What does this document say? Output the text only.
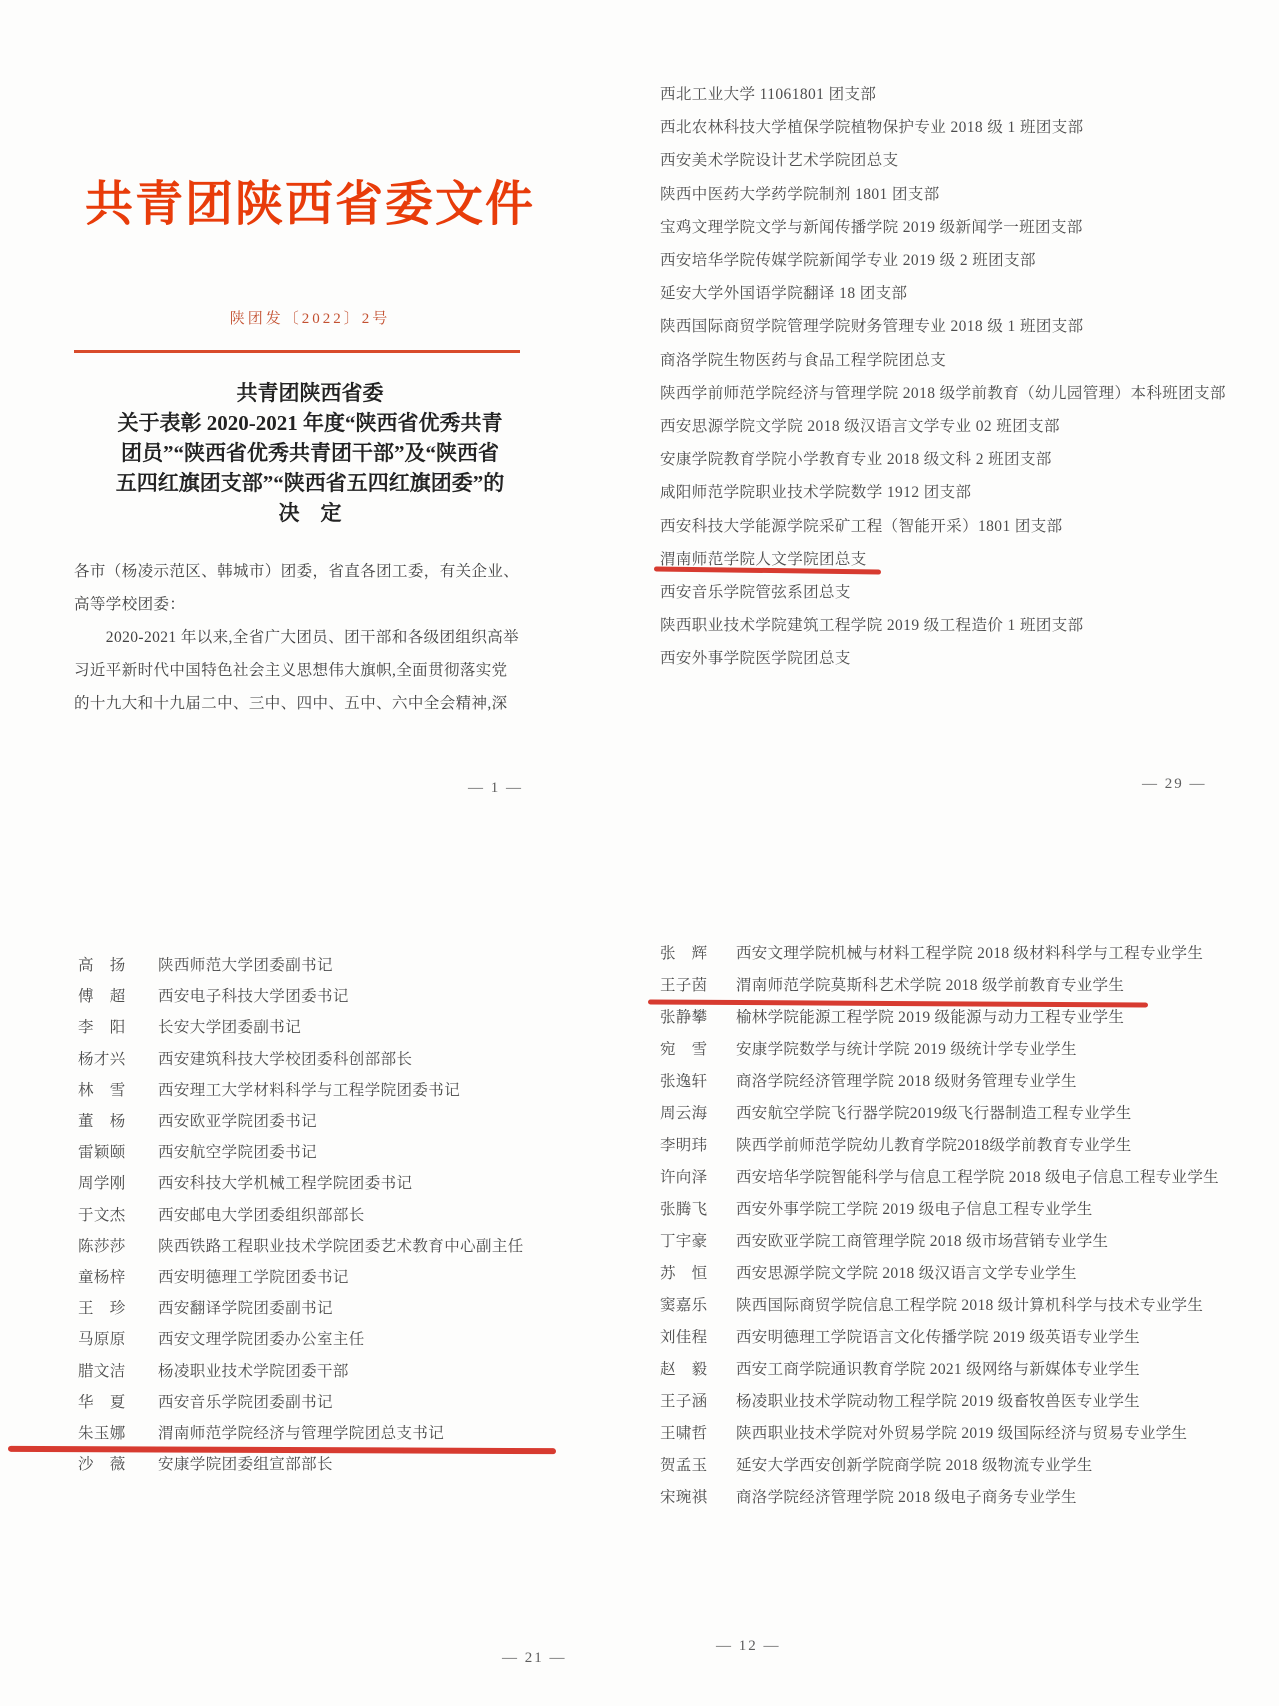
共青团陕西省委文件
陕团发〔2022〕2号
共青团陕西省委
关于表彰 2020-2021 年度“陕西省优秀共青
团员”“陕西省优秀共青团干部”及“陕西省
五四红旗团支部”“陕西省五四红旗团委”的
决　定
各市（杨凌示范区、韩城市）团委，省直各团工委，有关企业、
高等学校团委：
　　2020-2021 年以来,全省广大团员、团干部和各级团组织高举
习近平新时代中国特色社会主义思想伟大旗帜,全面贯彻落实党
的十九大和十九届二中、三中、四中、五中、六中全会精神,深
西北工业大学 11061801 团支部
西北农林科技大学植保学院植物保护专业 2018 级 1 班团支部
西安美术学院设计艺术学院团总支
陕西中医药大学药学院制剂 1801 团支部
宝鸡文理学院文学与新闻传播学院 2019 级新闻学一班团支部
西安培华学院传媒学院新闻学专业 2019 级 2 班团支部
延安大学外国语学院翻译 18 团支部
陕西国际商贸学院管理学院财务管理专业 2018 级 1 班团支部
商洛学院生物医药与食品工程学院团总支
陕西学前师范学院经济与管理学院 2018 级学前教育（幼儿园管理）本科班团支部
西安思源学院文学院 2018 级汉语言文学专业 02 班团支部
安康学院教育学院小学教育专业 2018 级文科 2 班团支部
咸阳师范学院职业技术学院数学 1912 团支部
西安科技大学能源学院采矿工程（智能开采）1801 团支部
渭南师范学院人文学院团总支
西安音乐学院管弦系团总支
陕西职业技术学院建筑工程学院 2019 级工程造价 1 班团支部
西安外事学院医学院团总支
高　扬	陕西师范大学团委副书记
傅　超	西安电子科技大学团委书记
李　阳	长安大学团委副书记
杨才兴	西安建筑科技大学校团委科创部部长
林　雪	西安理工大学材料科学与工程学院团委书记
董　杨	西安欧亚学院团委书记
雷颖颐	西安航空学院团委书记
周学刚	西安科技大学机械工程学院团委书记
于文杰	西安邮电大学团委组织部部长
陈莎莎	陕西铁路工程职业技术学院团委艺术教育中心副主任
童杨梓	西安明德理工学院团委书记
王　珍	西安翻译学院团委副书记
马原原	西安文理学院团委办公室主任
腊文洁	杨凌职业技术学院团委干部
华　夏	西安音乐学院团委副书记
朱玉娜	渭南师范学院经济与管理学院团总支书记
沙　薇	安康学院团委组宣部部长
张　辉	西安文理学院机械与材料工程学院 2018 级材料科学与工程专业学生
王子茵	渭南师范学院莫斯科艺术学院 2018 级学前教育专业学生
张静攀	榆林学院能源工程学院 2019 级能源与动力工程专业学生
宛　雪	安康学院数学与统计学院 2019 级统计学专业学生
张逸轩	商洛学院经济管理学院 2018 级财务管理专业学生
周云海	西安航空学院飞行器学院2019级飞行器制造工程专业学生
李明玮	陕西学前师范学院幼儿教育学院2018级学前教育专业学生
许向泽	西安培华学院智能科学与信息工程学院 2018 级电子信息工程专业学生
张腾飞	西安外事学院工学院 2019 级电子信息工程专业学生
丁宇豪	西安欧亚学院工商管理学院 2018 级市场营销专业学生
苏　恒	西安思源学院文学院 2018 级汉语言文学专业学生
窦嘉乐	陕西国际商贸学院信息工程学院 2018 级计算机科学与技术专业学生
刘佳程	西安明德理工学院语言文化传播学院 2019 级英语专业学生
赵　毅	西安工商学院通识教育学院 2021 级网络与新媒体专业学生
王子涵	杨凌职业技术学院动物工程学院 2019 级畜牧兽医专业学生
王啸哲	陕西职业技术学院对外贸易学院 2019 级国际经济与贸易专业学生
贺孟玉	延安大学西安创新学院商学院 2018 级物流专业学生
宋琬祺	商洛学院经济管理学院 2018 级电子商务专业学生
— 1 —	— 29 —
— 21 —
— 12 —
